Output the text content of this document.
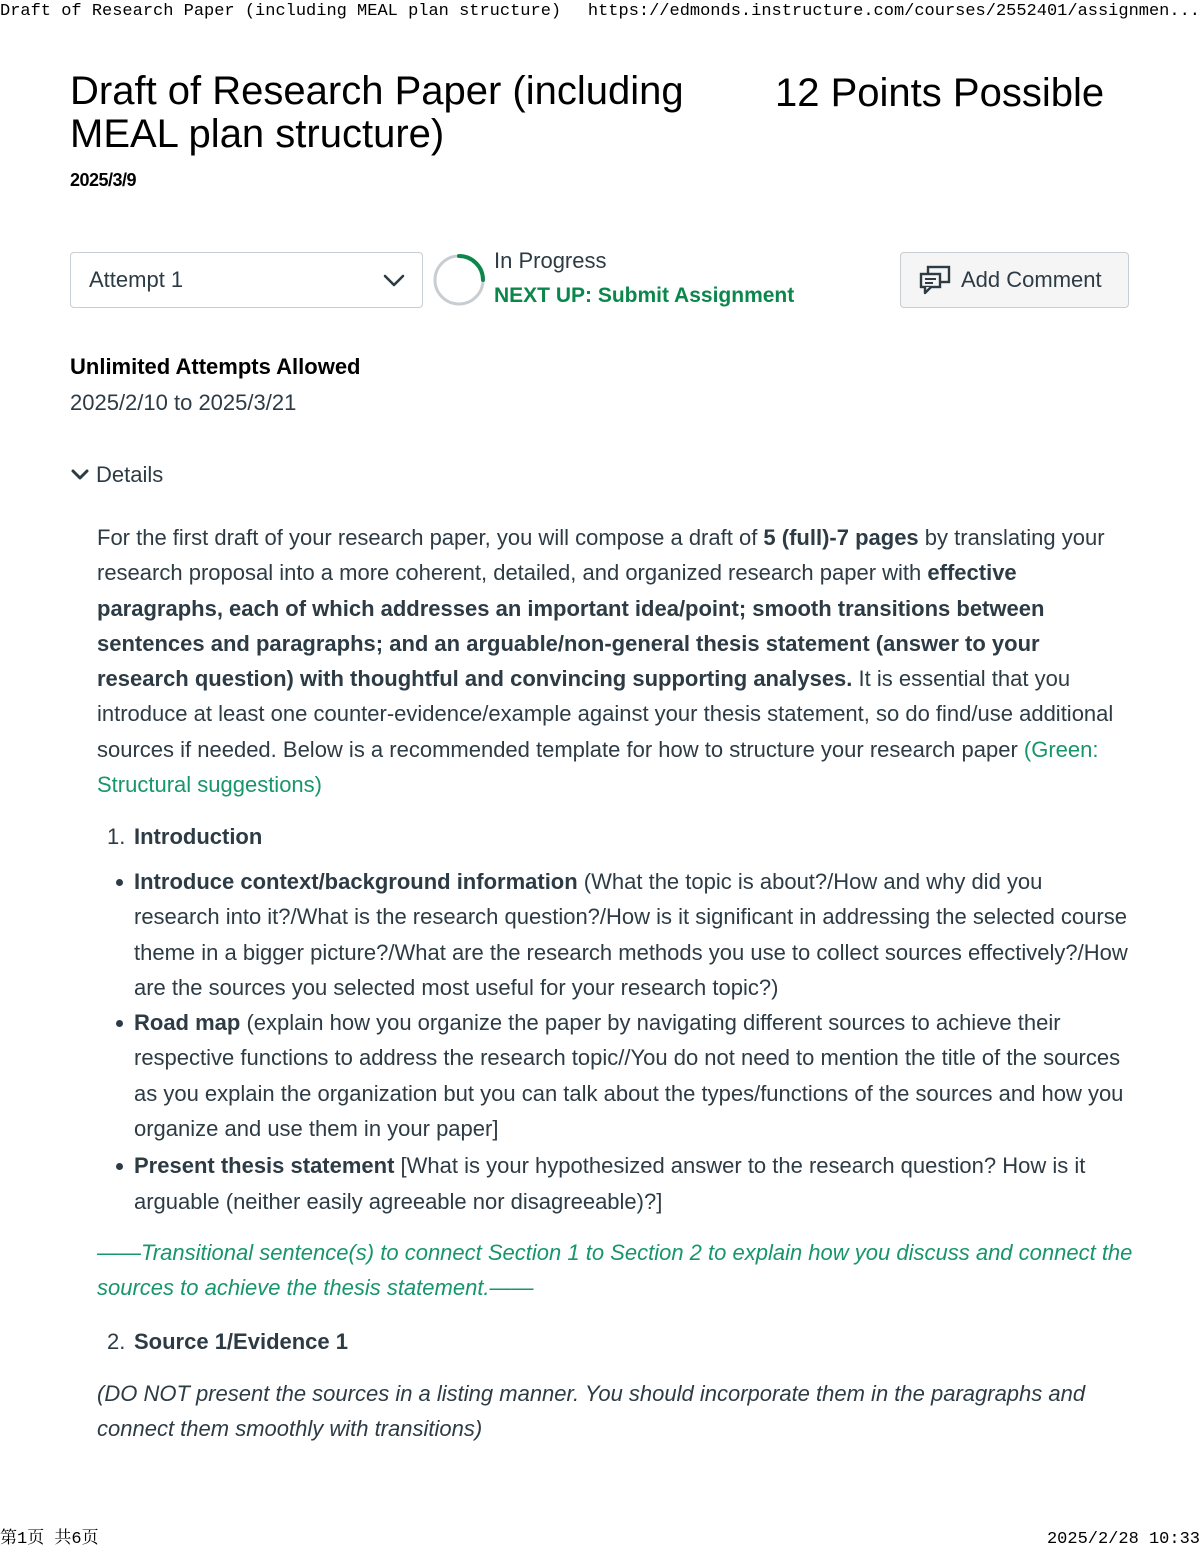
Draft of Research Paper (including MEAL plan structure) https://edmonds.instructure.com/courses/2552401/assignmen...
Draft of Research Paper (including MEAL plan structure)
12 Points Possible
2025/3/9
Attempt 1
In Progress
NEXT UP: Submit Assignment
Add Comment
Unlimited Attempts Allowed
2025/2/10 to 2025/3/21
Details

For the first draft of your research paper, you will compose a draft of 5 (full)-7 pages by translating your research proposal into a more coherent, detailed, and organized research paper with effective paragraphs, each of which addresses an important idea/point; smooth transitions between sentences and paragraphs; and an arguable/non-general thesis statement (answer to your research question) with thoughtful and convincing supporting analyses. It is essential that you introduce at least one counter-evidence/example against your thesis statement, so do find/use additional sources if needed. Below is a recommended template for how to structure your research paper (Green: Structural suggestions)

1. Introduction

Introduce context/background information (What the topic is about?/How and why did you research into it?/What is the research question?/How is it significant in addressing the selected course theme in a bigger picture?/What are the research methods you use to collect sources effectively?/How are the sources you selected most useful for your research topic?)

Road map (explain how you organize the paper by navigating different sources to achieve their respective functions to address the research topic//You do not need to mention the title of the sources as you explain the organization but you can talk about the types/functions of the sources and how you organize and use them in your paper]

Present thesis statement [What is your hypothesized answer to the research question? How is it arguable (neither easily agreeable nor disagreeable)?]

——Transitional sentence(s) to connect Section 1 to Section 2 to explain how you discuss and connect the sources to achieve the thesis statement.——
2. Source 1/Evidence 1
(DO NOT present the sources in a listing manner. You should incorporate them in the paragraphs and connect them smoothly with transitions)
第1页 共6页	2025/2/28 10:33
